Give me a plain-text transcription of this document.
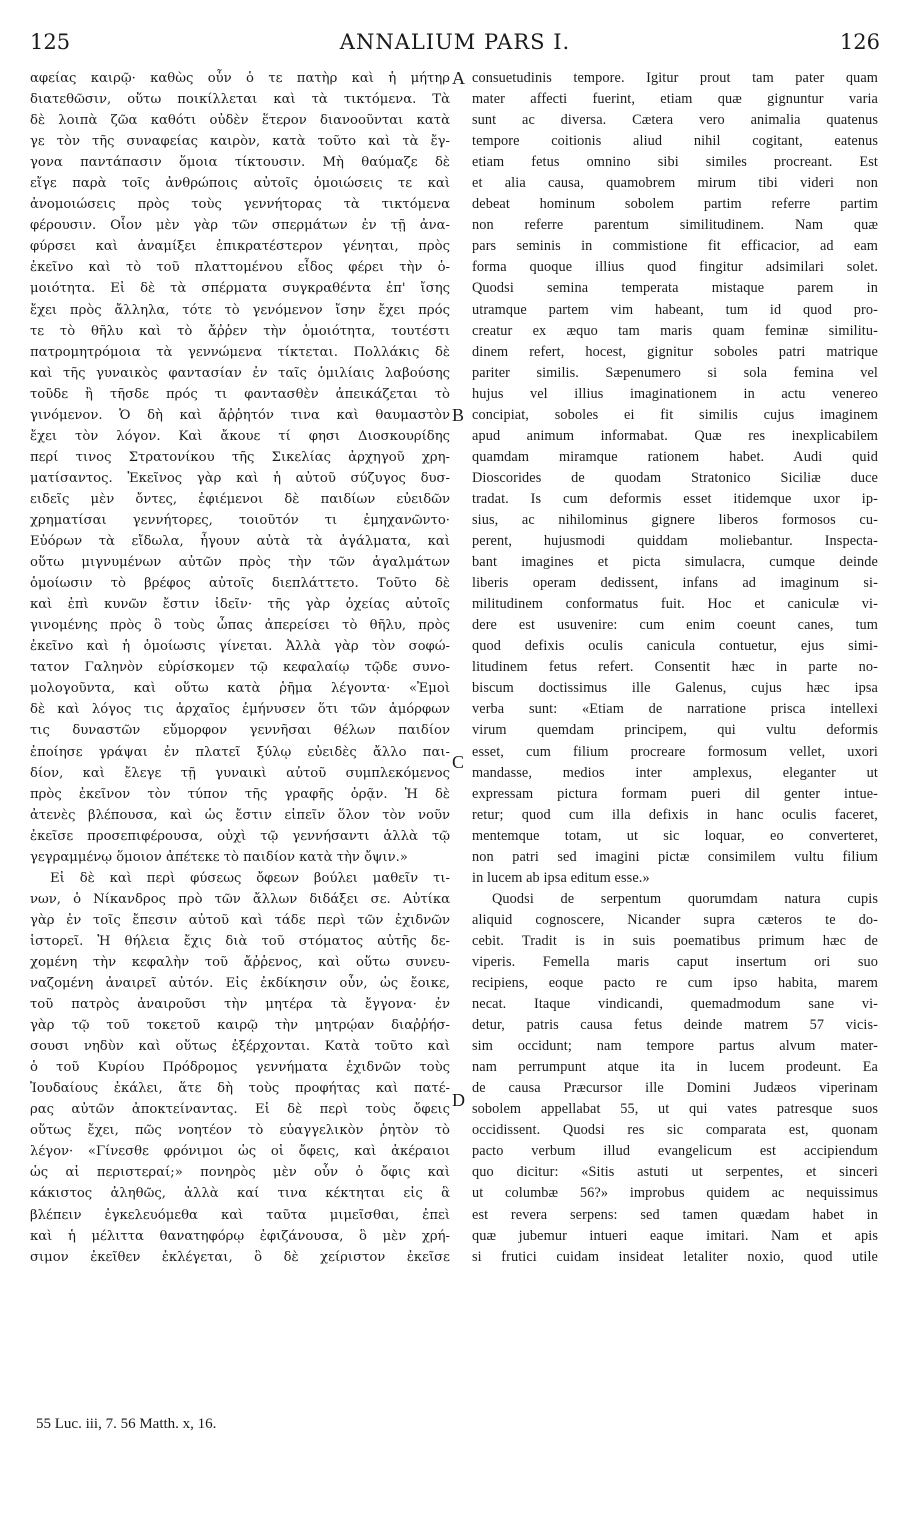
125	ANNALIUM PARS I.	126
αφείας καιρῷ· καθὼς οὖν ὁ τε πατὴρ καὶ ἡ μήτηρ
διατεθῶσιν, οὕτω ποικίλλεται καὶ τὰ τικτόμενα. Τὰ
δὲ λοιπὰ ζῶα καθότι οὐδὲν ἕτερον διανοοῦνται κατὰ
γε τὸν τῆς συναφείας καιρὸν, κατὰ τοῦτο καὶ τὰ ἔγ-
γονα παντάπασιν ὅμοια τίκτουσιν. Μὴ θαύμαζε δὲ
εἴγε παρὰ τοῖς ἀνθρώποις αὐτοῖς ὁμοιώσεις τε καὶ
ἀνομοιώσεις πρὸς τοὺς γεννήτορας τὰ τικτόμενα
φέρουσιν. Οἷον μὲν γὰρ τῶν σπερμάτων ἐν τῇ ἀνα-
φύρσει καὶ ἀναμίξει ἐπικρατέστερον γένηται, πρὸς
ἐκεῖνο καὶ τὸ τοῦ πλαττομένου εἶδος φέρει τὴν ὁ-
μοιότητα. Εἰ δὲ τὰ σπέρματα συγκραθέντα ἐπ' ἴσης
ἔχει πρὸς ἄλληλα, τότε τὸ γενόμενον ἴσην ἔχει πρός
τε τὸ θῆλυ καὶ τὸ ἄῤῥεν τὴν ὁμοιότητα, τουτέστι
πατρομητρόμοια τὰ γεννώμενα τίκτεται. Πολλάκις δὲ
καὶ τῆς γυναικὸς φαντασίαν ἐν ταῖς ὁμιλίαις λαβούσης
τοῦδε ἢ τῆσδε πρός τι φαντασθὲν ἀπεικάζεται τὸ
γινόμενον. Ὁ δὴ καὶ ἄῤῥητόν τινα καὶ θαυμαστὸν
ἔχει τὸν λόγον. Καὶ ἄκουε τί φησι Διοσκουρίδης
περί τινος Στρατονίκου τῆς Σικελίας ἀρχηγοῦ χρη-
ματίσαντος. Ἐκεῖνος γὰρ καὶ ἡ αὐτοῦ σύζυγος δυσ-
ειδεῖς μὲν ὄντες, ἐφιέμενοι δὲ παιδίων εὐειδῶν
χρηματίσαι γεννήτορες, τοιοῦτόν τι ἐμηχανῶντο·
Εὐόρων τὰ εἴδωλα, ἦγουν αὐτὰ τὰ ἀγάλματα, καὶ
οὕτω μιγνυμένων αὐτῶν πρὸς τὴν τῶν ἀγαλμάτων
ὁμοίωσιν τὸ βρέφος αὐτοῖς διεπλάττετο. Τοῦτο δὲ
καὶ ἐπὶ κυνῶν ἔστιν ἰδεῖν· τῆς γὰρ ὀχείας αὐτοῖς
γινομένης πρὸς ὃ τοὺς ὦπας ἀπερείσει τὸ θῆλυ, πρὸς
ἐκεῖνο καὶ ἡ ὁμοίωσις γίνεται. Ἀλλὰ γὰρ τὸν σοφώ-
τατον Γαληνὸν εὑρίσκομεν τῷ κεφαλαίῳ τῷδε συνο-
μολογοῦντα, καὶ οὕτω κατὰ ῥῆμα λέγοντα· «Ἐμοὶ
δὲ καὶ λόγος τις ἀρχαῖος ἐμήνυσεν ὅτι τῶν ἀμόρφων
τις δυναστῶν εὔμορφον γεννῆσαι θέλων παιδίον
ἐποίησε γράψαι ἐν πλατεῖ ξύλῳ εὐειδὲς ἄλλο παι-
δίον, καὶ ἔλεγε τῇ γυναικὶ αὐτοῦ συμπλεκόμενος
πρὸς ἐκεῖνον τὸν τύπον τῆς γραφῆς ὁρᾷν. Ἡ δὲ
ἀτενὲς βλέπουσα, καὶ ὡς ἔστιν εἰπεῖν ὅλον τὸν νοῦν
ἐκεῖσε προσεπιφέρουσα, οὐχὶ τῷ γεννήσαντι ἀλλὰ τῷ
γεγραμμένῳ ὅμοιον ἀπέτεκε τὸ παιδίον κατὰ τὴν ὄψιν.»
Εἰ δὲ καὶ περὶ φύσεως ὄφεων βούλει μαθεῖν τι-
νων, ὁ Νίκανδρος πρὸ τῶν ἄλλων διδάξει σε. Αὐτίκα
γὰρ ἐν τοῖς ἔπεσιν αὐτοῦ καὶ τάδε περὶ τῶν ἐχιδνῶν
ἱστορεῖ. Ἡ θήλεια ἔχις διὰ τοῦ στόματος αὐτῆς δε-
χομένη τὴν κεφαλὴν τοῦ ἄῤῥενος, καὶ οὕτω συνευ-
ναζομένη ἀναιρεῖ αὐτόν. Εἰς ἐκδίκησιν οὖν, ὡς ἔοικε,
τοῦ πατρὸς ἀναιροῦσι τὴν μητέρα τὰ ἔγγονα· ἐν
γὰρ τῷ τοῦ τοκετοῦ καιρῷ τὴν μητρῴαν διαῤῥήσ-
σουσι νηδὺν καὶ οὕτως ἐξέρχονται. Κατὰ τοῦτο καὶ
ὁ τοῦ Κυρίου Πρόδρομος γεννήματα ἐχιδνῶν τοὺς
Ἰουδαίους ἐκάλει, ἅτε δὴ τοὺς προφήτας καὶ πατέ-
ρας αὐτῶν ἀποκτείναντας. Εἰ δὲ περὶ τοὺς ὄφεις
οὕτως ἔχει, πῶς νοητέον τὸ εὐαγγελικὸν ῥητὸν τὸ
λέγον· «Γίνεσθε φρόνιμοι ὡς οἱ ὄφεις, καὶ ἀκέραιοι
ὡς αἱ περιστεραί;» πονηρὸς μὲν οὖν ὁ ὄφις καὶ
κάκιστος ἀληθῶς, ἀλλὰ καί τινα κέκτηται εἰς ἃ
βλέπειν ἐγκελευόμεθα καὶ ταῦτα μιμεῖσθαι, ἐπεὶ
καὶ ἡ μέλιττα θανατηφόρῳ ἐφιζάνουσα, ὃ μὲν χρή-
σιμον ἐκεῖθεν ἐκλέγεται, ὃ δὲ χείριστον ἐκεῖσε
consuetudinis tempore. Igitur prout tam pater quam
mater affecti fuerint, etiam quæ gignuntur varia
sunt ac diversa. Cætera vero animalia quatenus
tempore coitionis aliud nihil cogitant, eatenus
etiam fetus omnino sibi similes procreant. Est
et alia causa, quamobrem mirum tibi videri non
debeat hominum sobolem partim referre partim
non referre parentum similitudinem. Nam quæ
pars seminis in commistione fit efficacior, ad eam
forma quoque illius quod fingitur adsimilari solet.
Quodsi semina temperata mistaque parem in
utramque partem vim habeant, tum id quod pro-
creatur ex æquo tam maris quam feminæ similitu-
dinem refert, hocest, gignitur soboles patri matrique
pariter similis. Sæpenumero si sola femina vel
hujus vel illius imaginationem in actu venereo
concipiat, soboles ei fit similis cujus imaginem
apud animum informabat. Quæ res inexplicabilem
quamdam miramque rationem habet. Audi quid
Dioscorides de quodam Stratonico Siciliæ duce
tradat. Is cum deformis esset itidemque uxor ip-
sius, ac nihilominus gignere liberos formosos cu-
perent, hujusmodi quiddam moliebantur. Inspecta-
bant imagines et picta simulacra, cumque deinde
liberis operam dedissent, infans ad imaginum si-
militudinem conformatus fuit. Hoc et caniculæ vi-
dere est usuvenire: cum enim coeunt canes, tum
quod defixis oculis canicula contuetur, ejus simi-
litudinem fetus refert. Consentit hæc in parte no-
biscum doctissimus ille Galenus, cujus hæc ipsa
verba sunt: «Etiam de narratione prisca intellexi
virum quemdam principem, qui vultu deformis
esset, cum filium procreare formosum vellet, uxori
mandasse, medios inter amplexus, eleganter ut
expressam pictura formam pueri dil genter intue-
retur; quod cum illa defixis in hanc oculis faceret,
mentemque totam, ut sic loquar, eo converteret,
non patri sed imagini pictæ consimilem vultu filium
in lucem ab ipsa editum esse.»
Quodsi de serpentum quorumdam natura cupis
aliquid cognoscere, Nicander supra cæteros te do-
cebit. Tradit is in suis poematibus primum hæc de
viperis. Femella maris caput insertum ori suo
recipiens, eoque pacto re cum ipso habita, marem
necat. Itaque vindicandi, quemadmodum sane vi-
detur, patris causa fetus deinde matrem 57 vicis-
sim occidunt; nam tempore partus alvum mater-
nam perrumpunt atque ita in lucem prodeunt. Ea
de causa Præcursor ille Domini Judæos viperinam
sobolem appellabat 55, ut qui vates patresque suos
occidissent. Quodsi res sic comparata est, quonam
pacto verbum illud evangelicum est accipiendum
quo dicitur: «Sitis astuti ut serpentes, et sinceri
ut columbæ 56?» improbus quidem ac nequissimus
est revera serpens: sed tamen quædam habet in
quæ jubemur intueri eaque imitari. Nam et apis
si frutici cuidam insideat letaliter noxio, quod utile
A
B
C
D
55 Luc. iii, 7. 56 Matth. x, 16.
